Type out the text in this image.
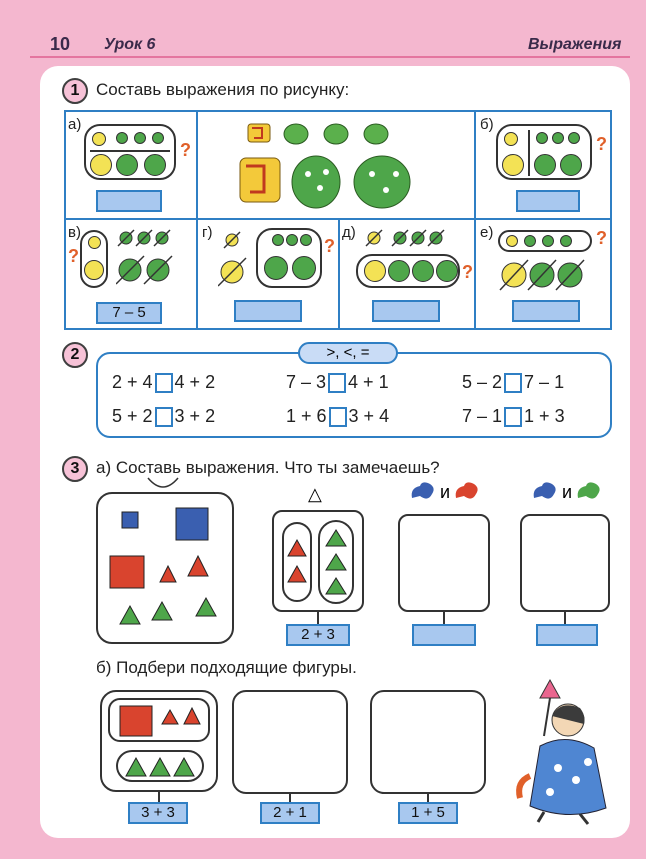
10 Урок 6	Выражения
1 Составь выражения по рисунку:
а)
?
б)
?
в)
?
7 – 5
г)
?
д)
?
е)	?
2	>, <, =
2 + 4 4 + 2	7 – 3 4 + 1	5 – 2 7 – 1
5 + 2 3 + 2	1 + 6 3 + 4	7 – 1 1 + 3
3 а) Составь выражения. Что ты замечаешь?
△
2 + 3
и	и
б) Подбери подходящие фигуры.
3 + 3	2 + 1	1 + 5
